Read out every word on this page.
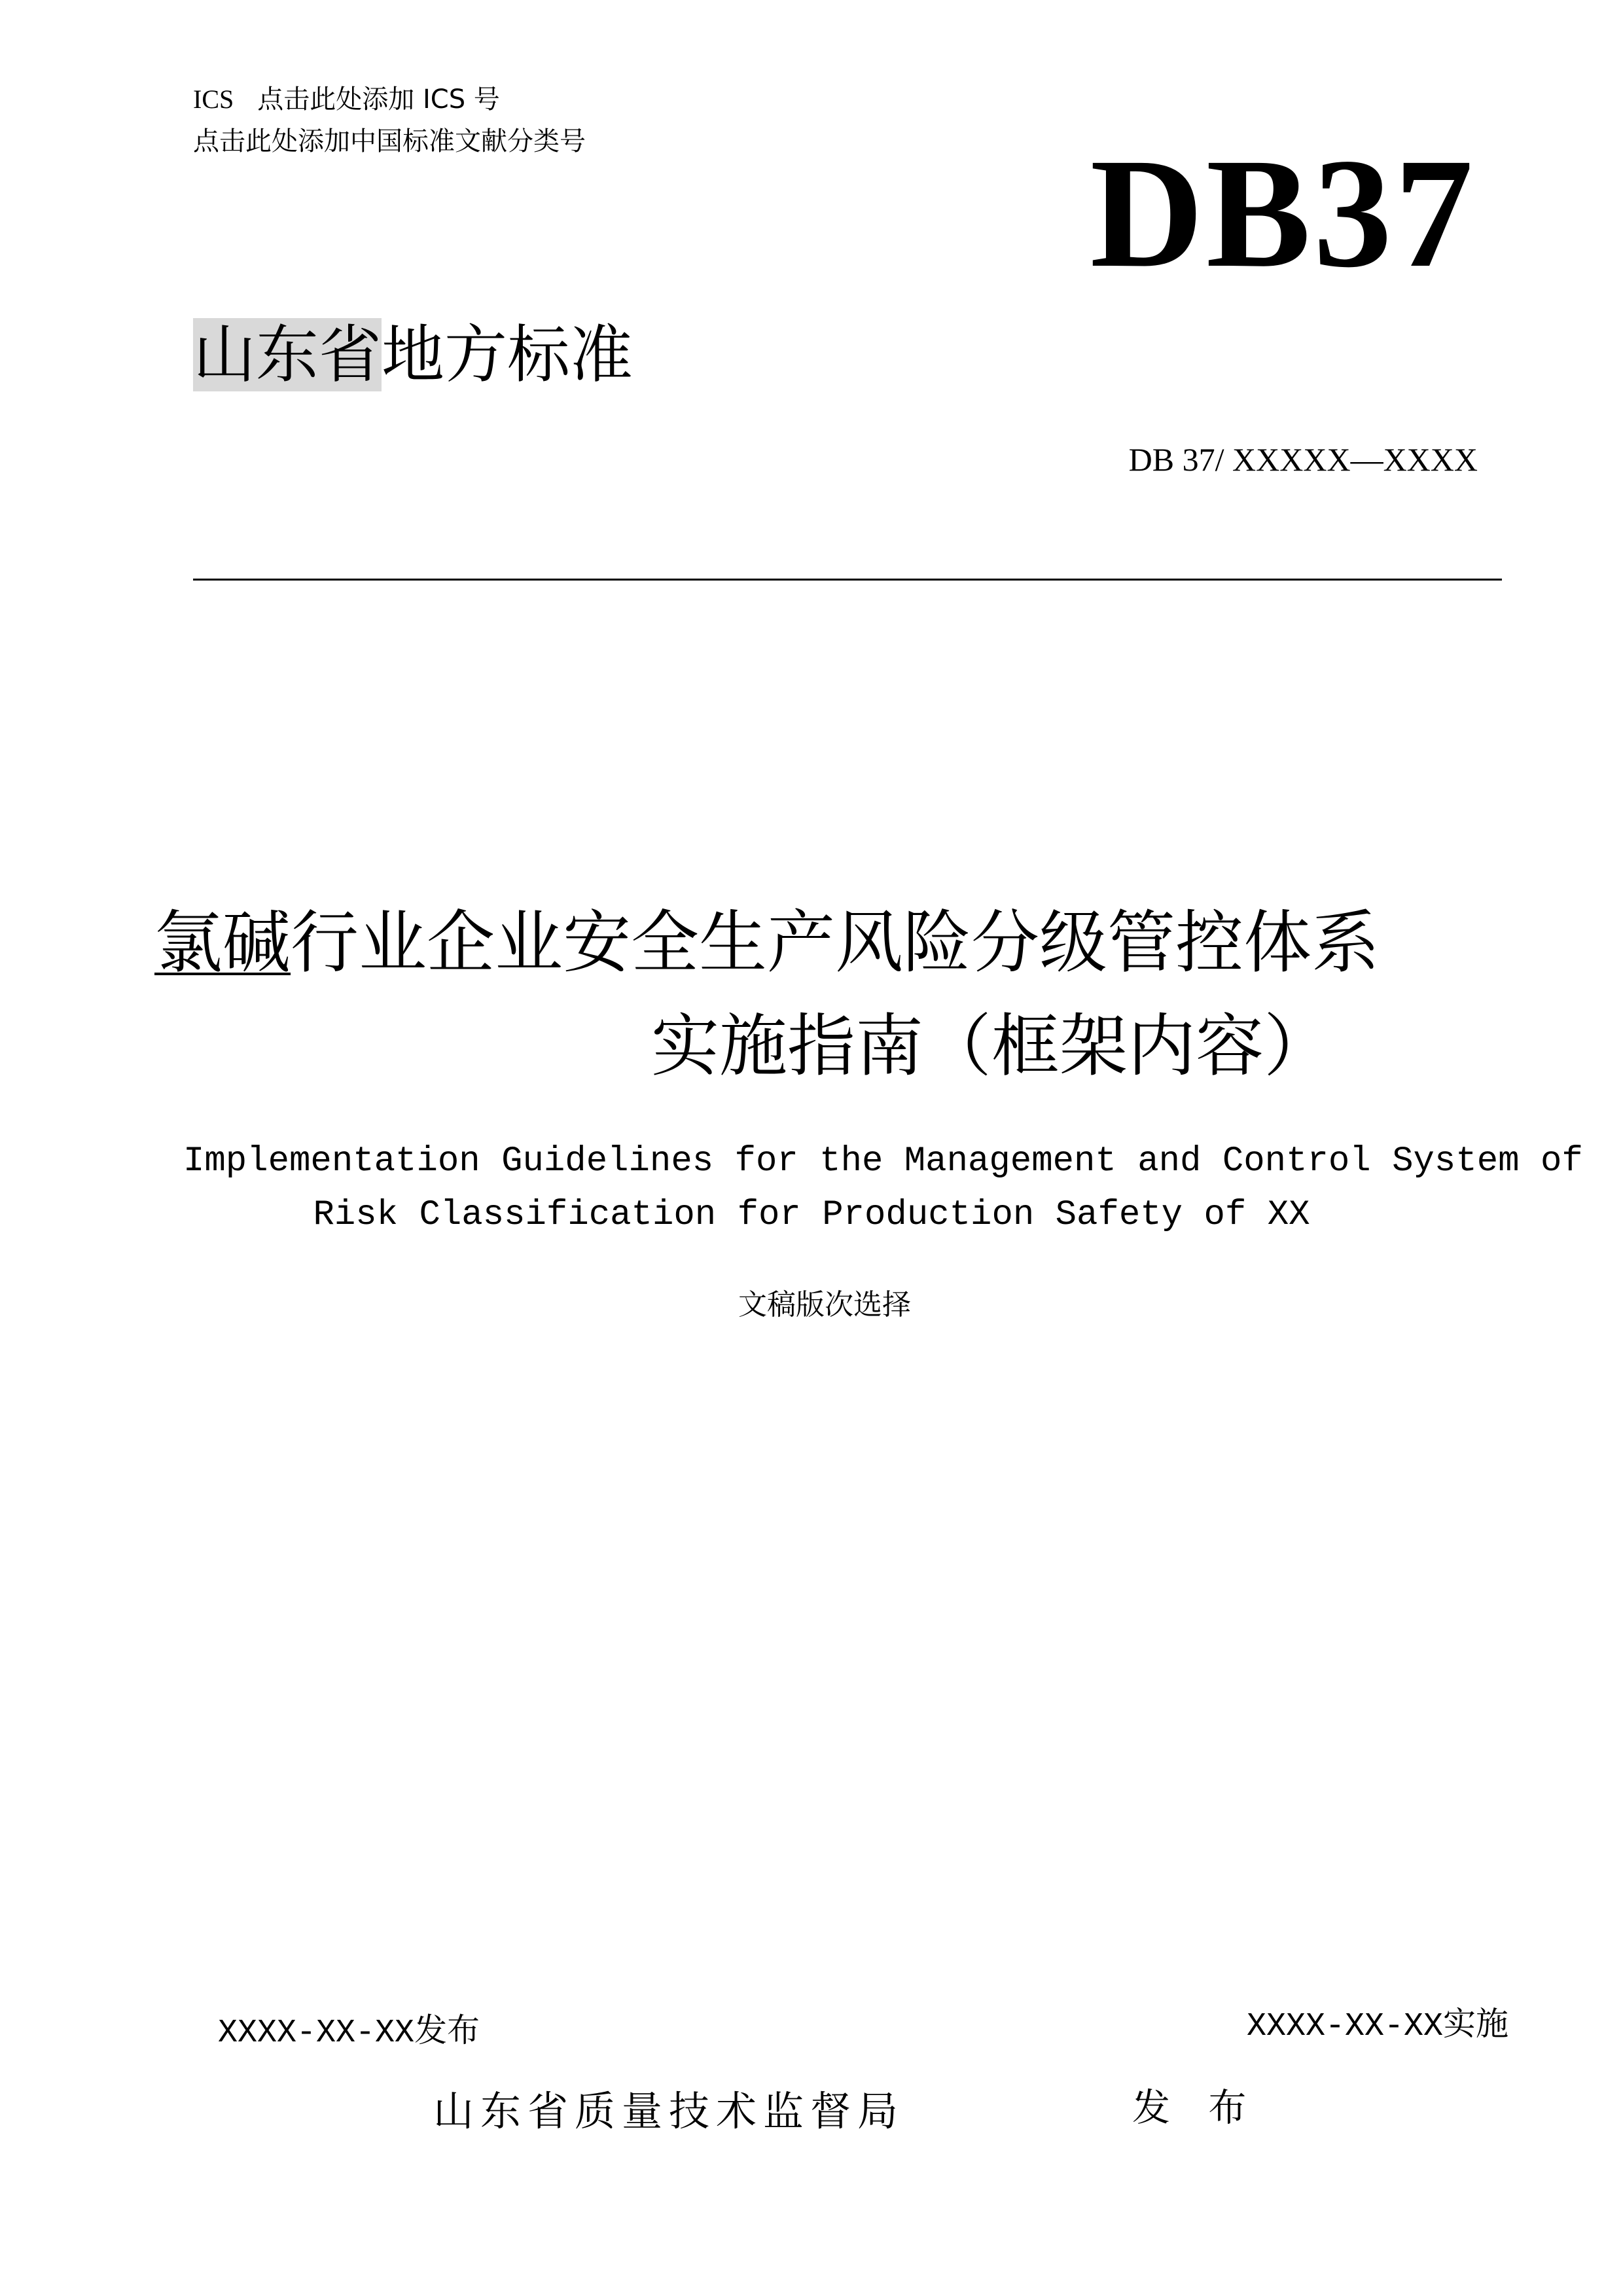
ICS 点击此处添加 ICS 号
点击此处添加中国标准文献分类号	DB37
山东省地方标准
DB 37/ XXXXX—XXXX
氯碱行业企业安全生产风险分级管控体系
实施指南（框架内容）
Implementation Guidelines for the Management and Control System of
Risk Classification for Production Safety of XX
文稿版次选择
XXXX-XX-XX发布	XXXX-XX-XX实施
山东省质量技术监督局	发 布
